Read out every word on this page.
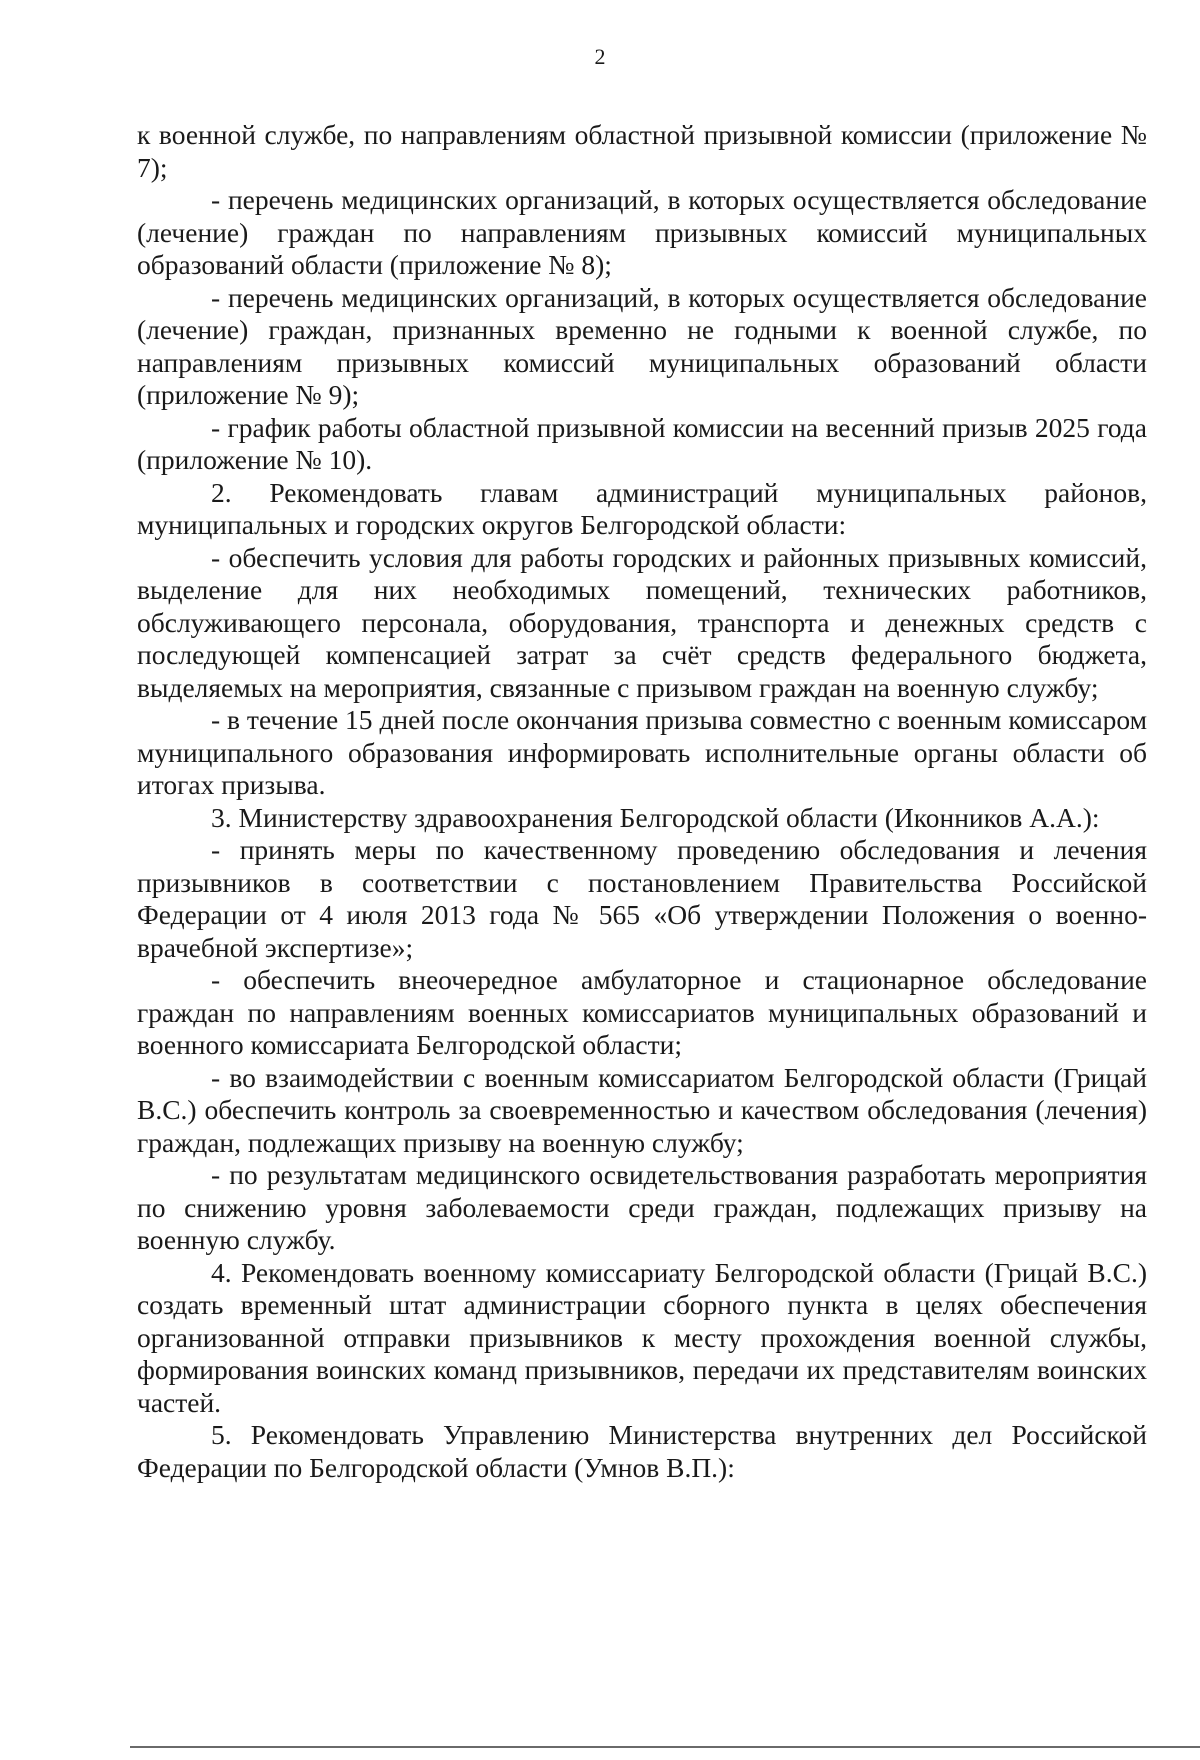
2

к военной службе, по направлениям областной призывной комиссии (приложение № 7);

- перечень медицинских организаций, в которых осуществляется обследование (лечение) граждан по направлениям призывных комиссий муниципальных образований области (приложение № 8);

- перечень медицинских организаций, в которых осуществляется обследование (лечение) граждан, признанных временно не годными к военной службе, по направлениям призывных комиссий муниципальных образований области (приложение № 9);

- график работы областной призывной комиссии на весенний призыв 2025 года (приложение № 10).

2. Рекомендовать главам администраций муниципальных районов, муниципальных и городских округов Белгородской области:

- обеспечить условия для работы городских и районных призывных комиссий, выделение для них необходимых помещений, технических работников, обслуживающего персонала, оборудования, транспорта и денежных средств с последующей компенсацией затрат за счёт средств федерального бюджета, выделяемых на мероприятия, связанные с призывом граждан на военную службу;

- в течение 15 дней после окончания призыва совместно с военным комиссаром муниципального образования информировать исполнительные органы области об итогах призыва.

3. Министерству здравоохранения Белгородской области (Иконников А.А.):

- принять меры по качественному проведению обследования и лечения призывников в соответствии с постановлением Правительства Российской Федерации от 4 июля 2013 года № 565 «Об утверждении Положения о военно-врачебной экспертизе»;

- обеспечить внеочередное амбулаторное и стационарное обследование граждан по направлениям военных комиссариатов муниципальных образований и военного комиссариата Белгородской области;

- во взаимодействии с военным комиссариатом Белгородской области (Грицай В.С.) обеспечить контроль за своевременностью и качеством обследования (лечения) граждан, подлежащих призыву на военную службу;

- по результатам медицинского освидетельствования разработать мероприятия по снижению уровня заболеваемости среди граждан, подлежащих призыву на военную службу.

4. Рекомендовать военному комиссариату Белгородской области (Грицай В.С.) создать временный штат администрации сборного пункта в целях обеспечения организованной отправки призывников к месту прохождения военной службы, формирования воинских команд призывников, передачи их представителям воинских частей.

5. Рекомендовать Управлению Министерства внутренних дел Российской Федерации по Белгородской области (Умнов В.П.):
